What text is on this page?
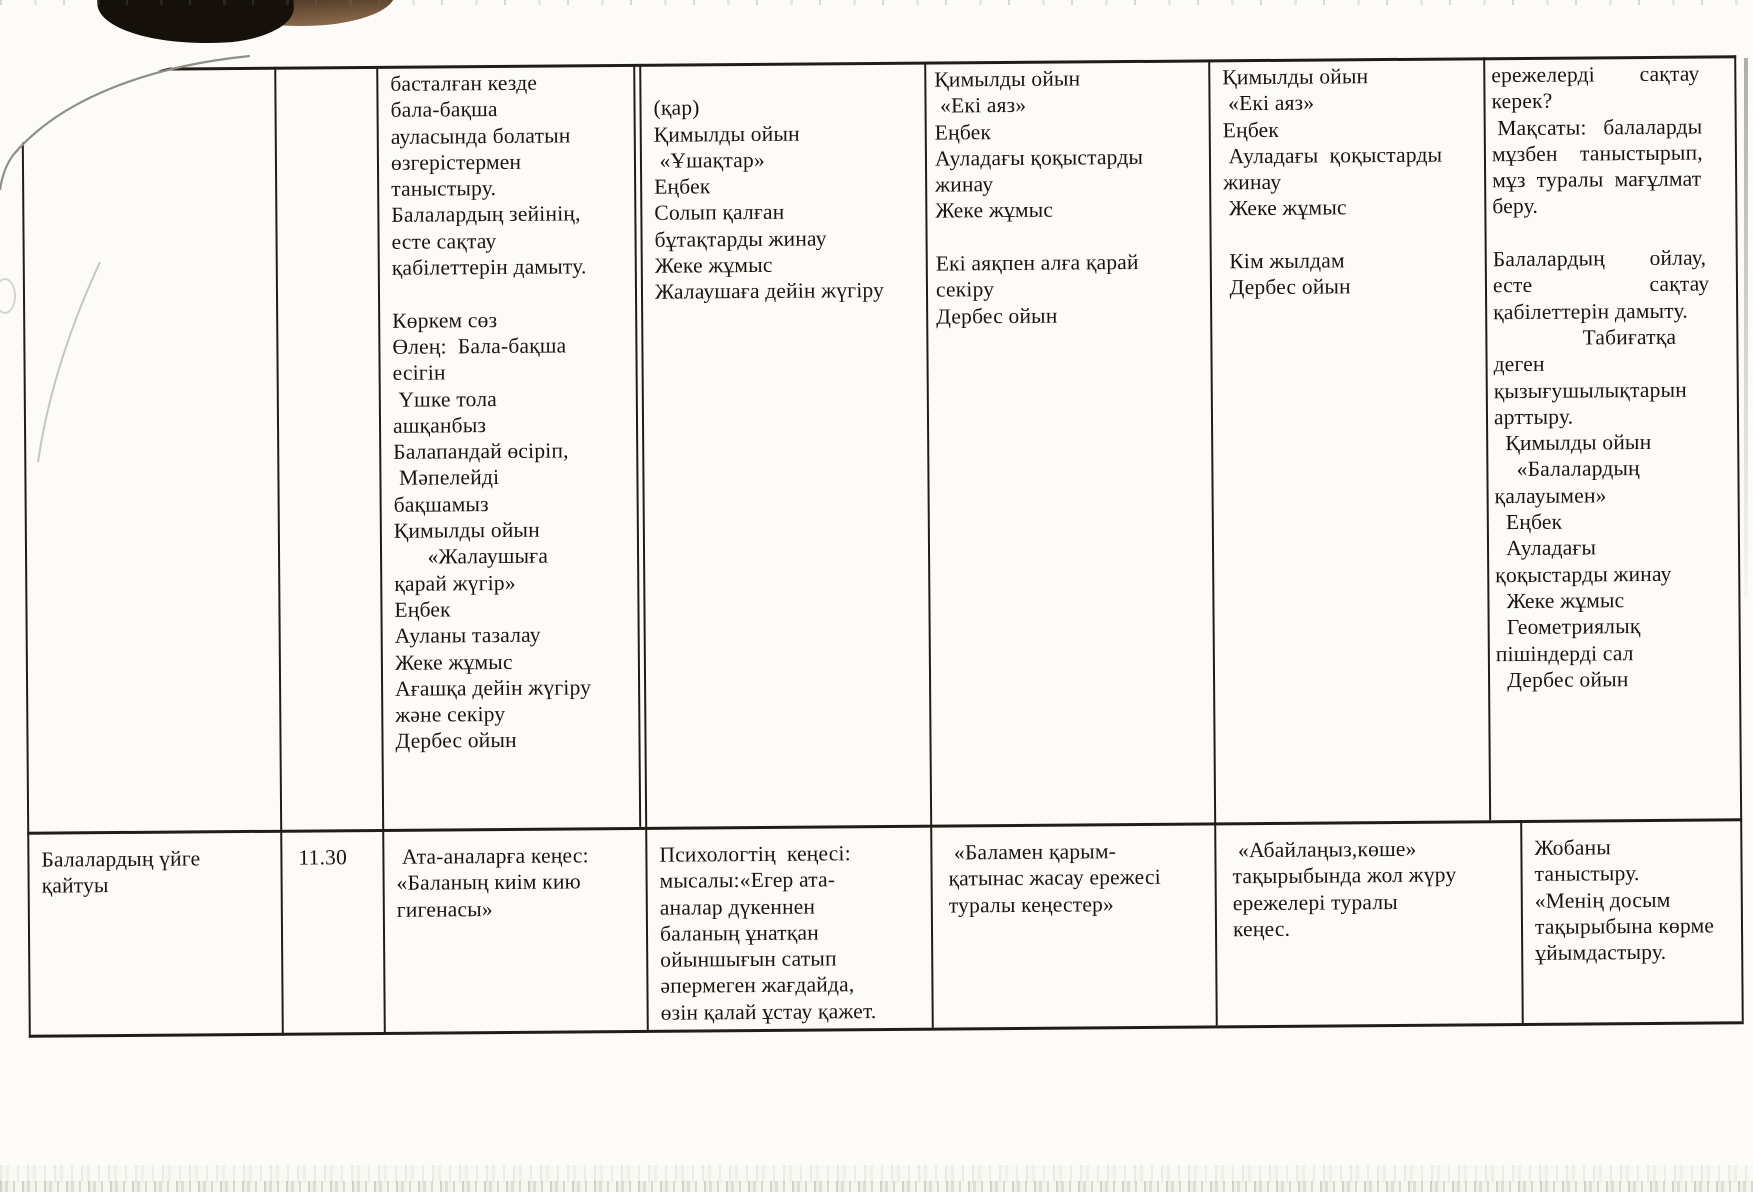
басталған кезде
бала-бақша
ауласында болатын
өзгерістермен
таныстыру.
Балалардың зейінің,
есте сақтау
қабілеттерін дамыту.

Көркем сөз
Өлең:  Бала-бақша
есігін
Үшке тола
ашқанбыз
Балапандай өсіріп,
Мәпелейді
бақшамыз
Қимылды ойын
«Жалаушыға
қарай жүгір»
Еңбек
Ауланы тазалау
Жеке жұмыс
Ағашқа дейін жүгіру
және секіру
Дербес ойын

(қар)
Қимылды ойын
«Ұшақтар»
Еңбек
Солып қалған
бұтақтарды жинау
Жеке жұмыс
Жалаушаға дейін жүгіру
Қимылды ойын
«Екі аяз»
Еңбек
Ауладағы қоқыстарды
жинау
Жеке жұмыс

Екі аяқпен алға қарай
секіру
Дербес ойын
Қимылды ойын
«Екі аяз»
Еңбек
Ауладағы  қоқыстарды
жинау
Жеке жұмыс

Кім жылдам
Дербес ойын
ережелерді        сақтау
керек?
Мақсаты:   балаларды
мұзбен    таныстырып,
мұз  туралы  мағұлмат
беру.

Балалардың        ойлау,
есте                     сақтау
қабілеттерін дамыту.
Табиғатқа
деген
қызығушылықтарын
арттыру.
Қимылды ойын
«Балалардың
қалауымен»
Еңбек
Ауладағы
қоқыстарды жинау
Жеке жұмыс
Геометриялық
пішіндерді сал
Дербес ойын
Балалардың үйге
қайтуы
11.30	Ата-аналарға кеңес:
«Баланың киім кию
гигенасы»
Психологтің  кеңесі:
мысалы:«Егер ата-
аналар дүкеннен
баланың ұнатқан
ойыншығын сатып
әпермеген жағдайда,
өзін қалай ұстау қажет.
«Баламен қарым-
қатынас жасау ережесі
туралы кеңестер»
«Абайлаңыз,көше»
тақырыбында жол жүру
ережелері туралы
кеңес.
Жобаны
таныстыру.
«Менің досым
тақырыбына көрме
ұйымдастыру.
